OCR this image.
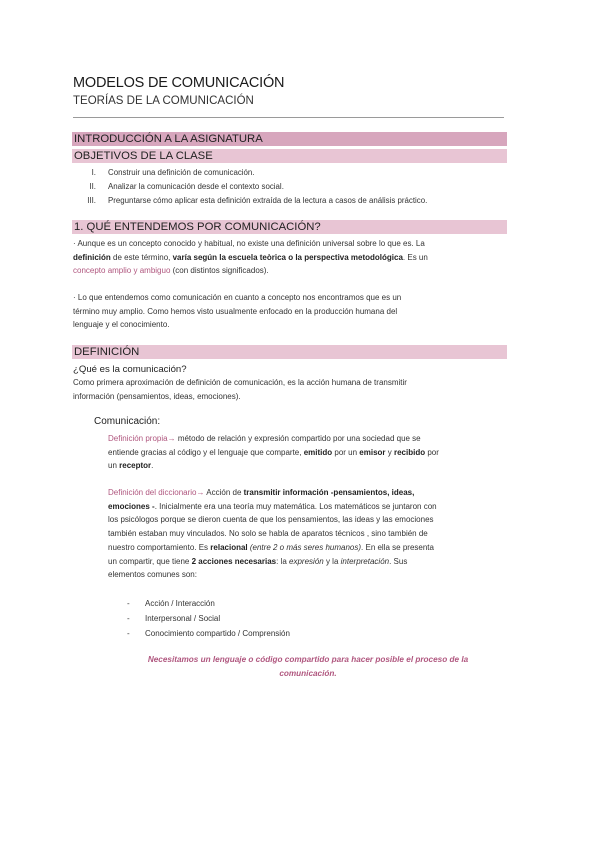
MODELOS DE COMUNICACIÓN
TEORÍAS DE LA COMUNICACIÓN
INTRODUCCIÓN A LA ASIGNATURA
OBJETIVOS DE LA CLASE
I. Construir una definición de comunicación.
II. Analizar la comunicación desde el contexto social.
III. Preguntarse cómo aplicar esta definición extraída de la lectura a casos de análisis práctico.
1. QUÉ ENTENDEMOS POR COMUNICACIÓN?
· Aunque es un concepto conocido y habitual, no existe una definición universal sobre lo que es. La
definición de este término, varía según la escuela teòrica o la perspectiva metodológica. Es un
concepto amplio y ambiguo (con distintos significados).
· Lo que entendemos como comunicación en cuanto a concepto nos encontramos que es un
término muy amplio. Como hemos visto usualmente enfocado en la producción humana del
lenguaje y el conocimiento.
DEFINICIÓN
¿Qué es la comunicación?
Como primera aproximación de definición de comunicación, es la acción humana de transmitir
información (pensamientos, ideas, emociones).
Comunicación:
Definición propia→ método de relación y expresión compartido por una sociedad que se
entiende gracias al código y el lenguaje que comparte, emitido por un emisor y recibido por
un receptor.
Definición del diccionario→ Acción de transmitir información -pensamientos, ideas,
emociones -. Inicialmente era una teoría muy matemática. Los matemáticos se juntaron con
los psicólogos porque se dieron cuenta de que los pensamientos, las ideas y las emociones
también estaban muy vinculados. No solo se habla de aparatos técnicos , sino también de
nuestro comportamiento. Es relacional (entre 2 o más seres humanos). En ella se presenta
un compartir, que tiene 2 acciones necesarias: la expresión y la interpretación. Sus
elementos comunes son:
- Acción / Interacción
- Interpersonal / Social
- Conocimiento compartido / Comprensión
Necesitamos un lenguaje o código compartido para hacer posible el proceso de la
comunicación.
